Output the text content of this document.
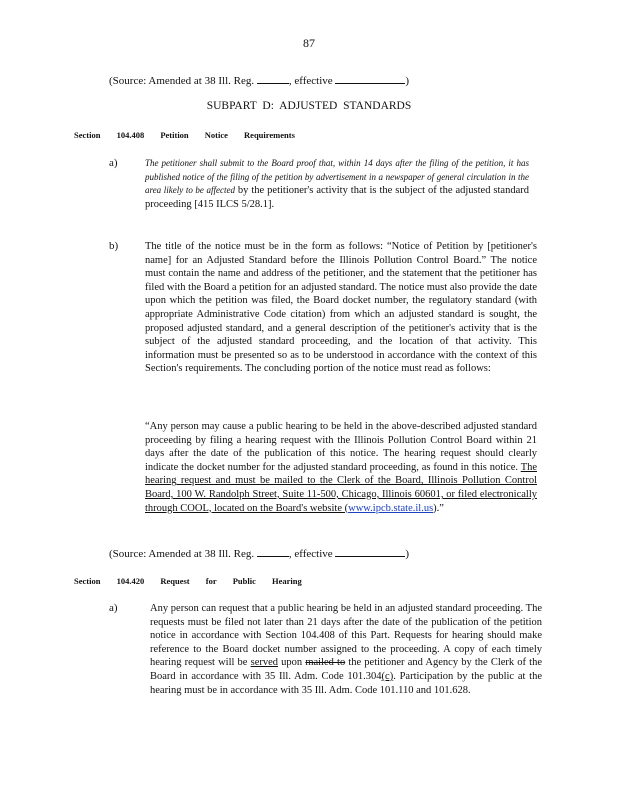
87
(Source: Amended at 38 Ill. Reg.	, effective	)
SUBPART D: ADJUSTED STANDARDS
Section 104.408 Petition Notice Requirements
a)	The petitioner shall submit to the Board proof that, within 14 days after the filing of the petition, it has published notice of the filing of the petition by advertisement in a newspaper of general circulation in the area likely to be affected by the petitioner's activity that is the subject of the adjusted standard proceeding [415 ILCS 5/28.1].
b)	The title of the notice must be in the form as follows: “Notice of Petition by [petitioner's name] for an Adjusted Standard before the Illinois Pollution Control Board.” The notice must contain the name and address of the petitioner, and the statement that the petitioner has filed with the Board a petition for an adjusted standard. The notice must also provide the date upon which the petition was filed, the Board docket number, the regulatory standard (with appropriate Administrative Code citation) from which an adjusted standard is sought, the proposed adjusted standard, and a general description of the petitioner's activity that is the subject of the adjusted standard proceeding, and the location of that activity. This information must be presented so as to be understood in accordance with the context of this Section's requirements. The concluding portion of the notice must read as follows:
“Any person may cause a public hearing to be held in the above-described adjusted standard proceeding by filing a hearing request with the Illinois Pollution Control Board within 21 days after the date of the publication of this notice. The hearing request should clearly indicate the docket number for the adjusted standard proceeding, as found in this notice. The hearing request and must be mailed to the Clerk of the Board, Illinois Pollution Control Board, 100 W. Randolph Street, Suite 11-500, Chicago, Illinois 60601, or filed electronically through COOL, located on the Board's website (www.ipcb.state.il.us).”
(Source: Amended at 38 Ill. Reg.	, effective	)
Section 104.420 Request for Public Hearing
a)	Any person can request that a public hearing be held in an adjusted standard proceeding. The requests must be filed not later than 21 days after the date of the publication of the petition notice in accordance with Section 104.408 of this Part. Requests for hearing should make reference to the Board docket number assigned to the proceeding. A copy of each timely hearing request will be served upon mailed to the petitioner and Agency by the Clerk of the Board in accordance with 35 Ill. Adm. Code 101.304(c). Participation by the public at the hearing must be in accordance with 35 Ill. Adm. Code 101.110 and 101.628.
